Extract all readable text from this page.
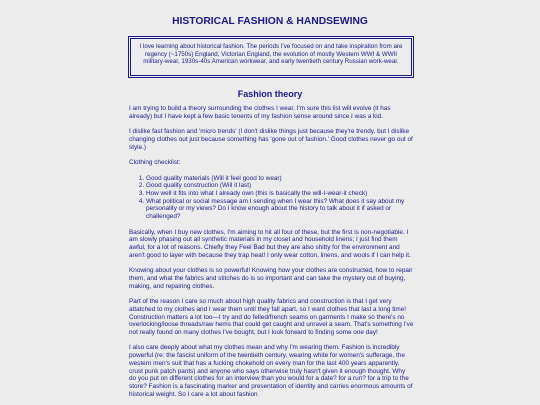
HISTORICAL FASHION & HANDSEWING
I love learning about historical fashion. The periods I've focused on and take inspiration from are regency (~1750s) England, Victorian England, the evolution of mostly Western WWI & WWII military-wear, 1930s-40s American workwear, and early twentieth century Russian work-wear.
Fashion theory

I am trying to build a theory surrounding the clothes I wear. I'm sure this list will evolve (it has already) but I have kept a few basic tenents of my fashion sense around since I was a kid.

I dislike fast fashion and 'micro trends' (I don't dislike things just because they're trendy, but I dislike changing clothes out just because something has 'gone out of fashion.' Good clothes never go out of style.)

Clothing checklist:

1. Good quality materials (Will it feel good to wear)
2. Good quality construction (Will it last)
3. How well it fits into what I already own (this is basically the will-I-wear-it check)
4. What political or social message am I sending when I wear this? What does it say about my personality or my views? Do I know enough about the history to talk about it if asked or challenged?

Basically, when I buy new clothes, I'm aiming to hit all four of these, but the first is non-negotiable. I am slowly phasing out all synthetic materials in my closet and household linens; I just find them awful, for a lot of reasons. Chiefly they Feel Bad but they are also shitty for the environment and aren't good to layer with because they trap heat! I only wear cotton, linens, and wools if I can help it.

Knowing about your clothes is so powerful! Knowing how your clothes are constructed, how to repair them, and what the fabrics and stitches do is so important and can take the mystery out of buying, making, and repairing clothes.

Part of the reason I care so much about high quality fabrics and construction is that I get very attatched to my clothes and I wear them until they fall apart, so I want clothes that last a long time! Construction matters a lot too—I try and do felled/french seams on garments I make so there's no overlocking/loose threads/raw hems that could get caught and unravel a seam. That's something I've not really found on many clothes I've bought, but I look forward to finding some one day!

I also care deeply about what my clothes mean and why I'm wearing them. Fashion is incredibly powerful (re: the fascist uniform of the twentieth century, wearing white for women's sufferage, the western men's suit that has a fucking chokehold on every man for the last 400 years apparently, crust punk patch pants) and anyone who says otherwise truly hasn't given it enough thought. Why do you put on different clothes for an interview than you would for a date? for a run? for a trip to the store? Fashion is a fascinating marker and presentation of identity and carries enormous amounts of historical weight. So I care a lot about fashion
